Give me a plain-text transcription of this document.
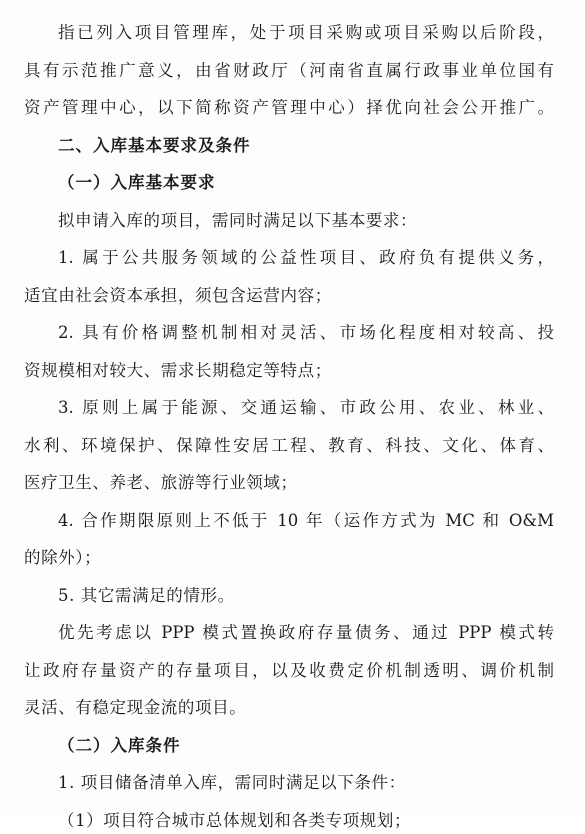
指已列入项目管理库，处于项目采购或项目采购以后阶段，
具有示范推广意义，由省财政厅（河南省直属行政事业单位国有
资产管理中心，以下简称资产管理中心）择优向社会公开推广。
二、入库基本要求及条件
（一）入库基本要求
拟申请入库的项目，需同时满足以下基本要求：
1. 属于公共服务领域的公益性项目、政府负有提供义务，
适宜由社会资本承担，须包含运营内容；
2. 具有价格调整机制相对灵活、市场化程度相对较高、投
资规模相对较大、需求长期稳定等特点；
3. 原则上属于能源、交通运输、市政公用、农业、林业、
水利、环境保护、保障性安居工程、教育、科技、文化、体育、
医疗卫生、养老、旅游等行业领域；
4. 合作期限原则上不低于 10 年（运作方式为 MC 和 O&M
的除外）；
5. 其它需满足的情形。
优先考虑以 PPP 模式置换政府存量债务、通过 PPP 模式转
让政府存量资产的存量项目，以及收费定价机制透明、调价机制
灵活、有稳定现金流的项目。
（二）入库条件
1. 项目储备清单入库，需同时满足以下条件：
（1）项目符合城市总体规划和各类专项规划；
